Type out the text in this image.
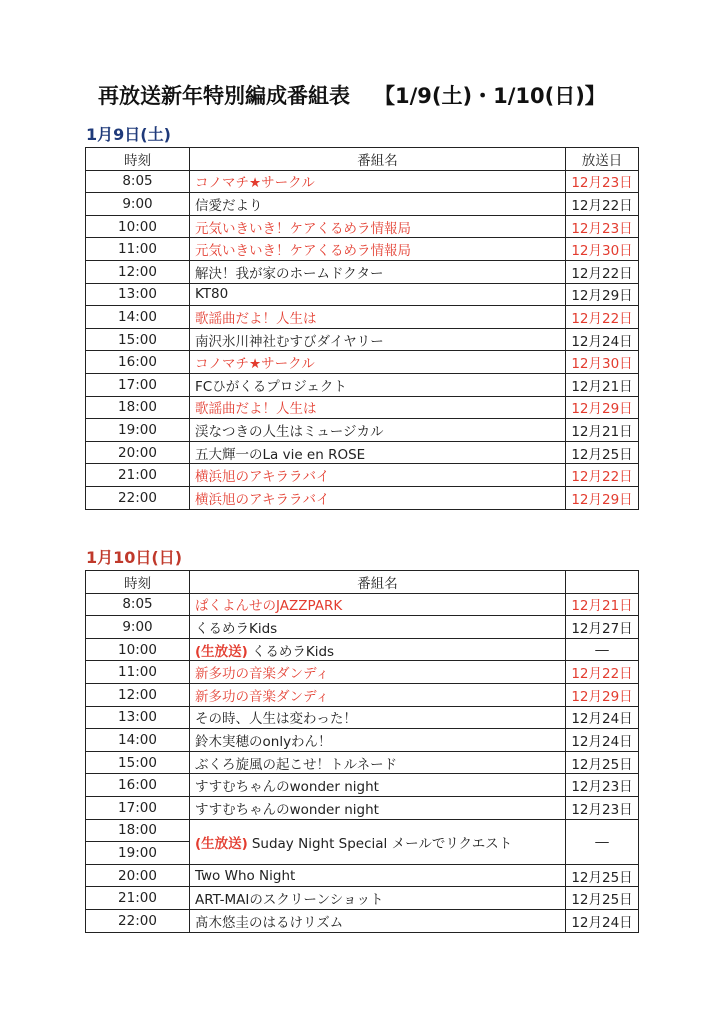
再放送新年特別編成番組表 【1/9(土)・1/10(日)】
1月9日(土)
時刻	番組名	放送日
8:05	コノマチ★サークル	12月23日
9:00	信愛だより	12月22日
10:00	元気いきいき！ケアくるめラ情報局	12月23日
11:00	元気いきいき！ケアくるめラ情報局	12月30日
12:00	解決！我が家のホームドクター	12月22日
13:00	KT80	12月29日
14:00	歌謡曲だよ！人生は	12月22日
15:00	南沢氷川神社むすびダイヤリー	12月24日
16:00	コノマチ★サークル	12月30日
17:00	FCひがくるプロジェクト	12月21日
18:00	歌謡曲だよ！人生は	12月29日
19:00	渓なつきの人生はミュージカル	12月21日
20:00	五大輝一のLa vie en ROSE	12月25日
21:00	横浜旭のアキララバイ	12月22日
22:00	横浜旭のアキララバイ	12月29日
1月10日(日)
時刻	番組名	
8:05	ぱくよんせのJAZZPARK	12月21日
9:00	くるめラKids	12月27日
10:00	(生放送) くるめラKids	―
11:00	新多功の音楽ダンディ	12月22日
12:00	新多功の音楽ダンディ	12月29日
13:00	その時、人生は変わった！	12月24日
14:00	鈴木実穂のonlyわん！	12月24日
15:00	ぶくろ旋風の起こせ！トルネード	12月25日
16:00	すすむちゃんのwonder night	12月23日
17:00	すすむちゃんのwonder night	12月23日
18:00	(生放送) Suday Night Special メールでリクエスト	―
19:00		
20:00	Two Who Night	12月25日
21:00	ART-MAIのスクリーンショット	12月25日
22:00	髙木悠圭のはるけリズム	12月24日
